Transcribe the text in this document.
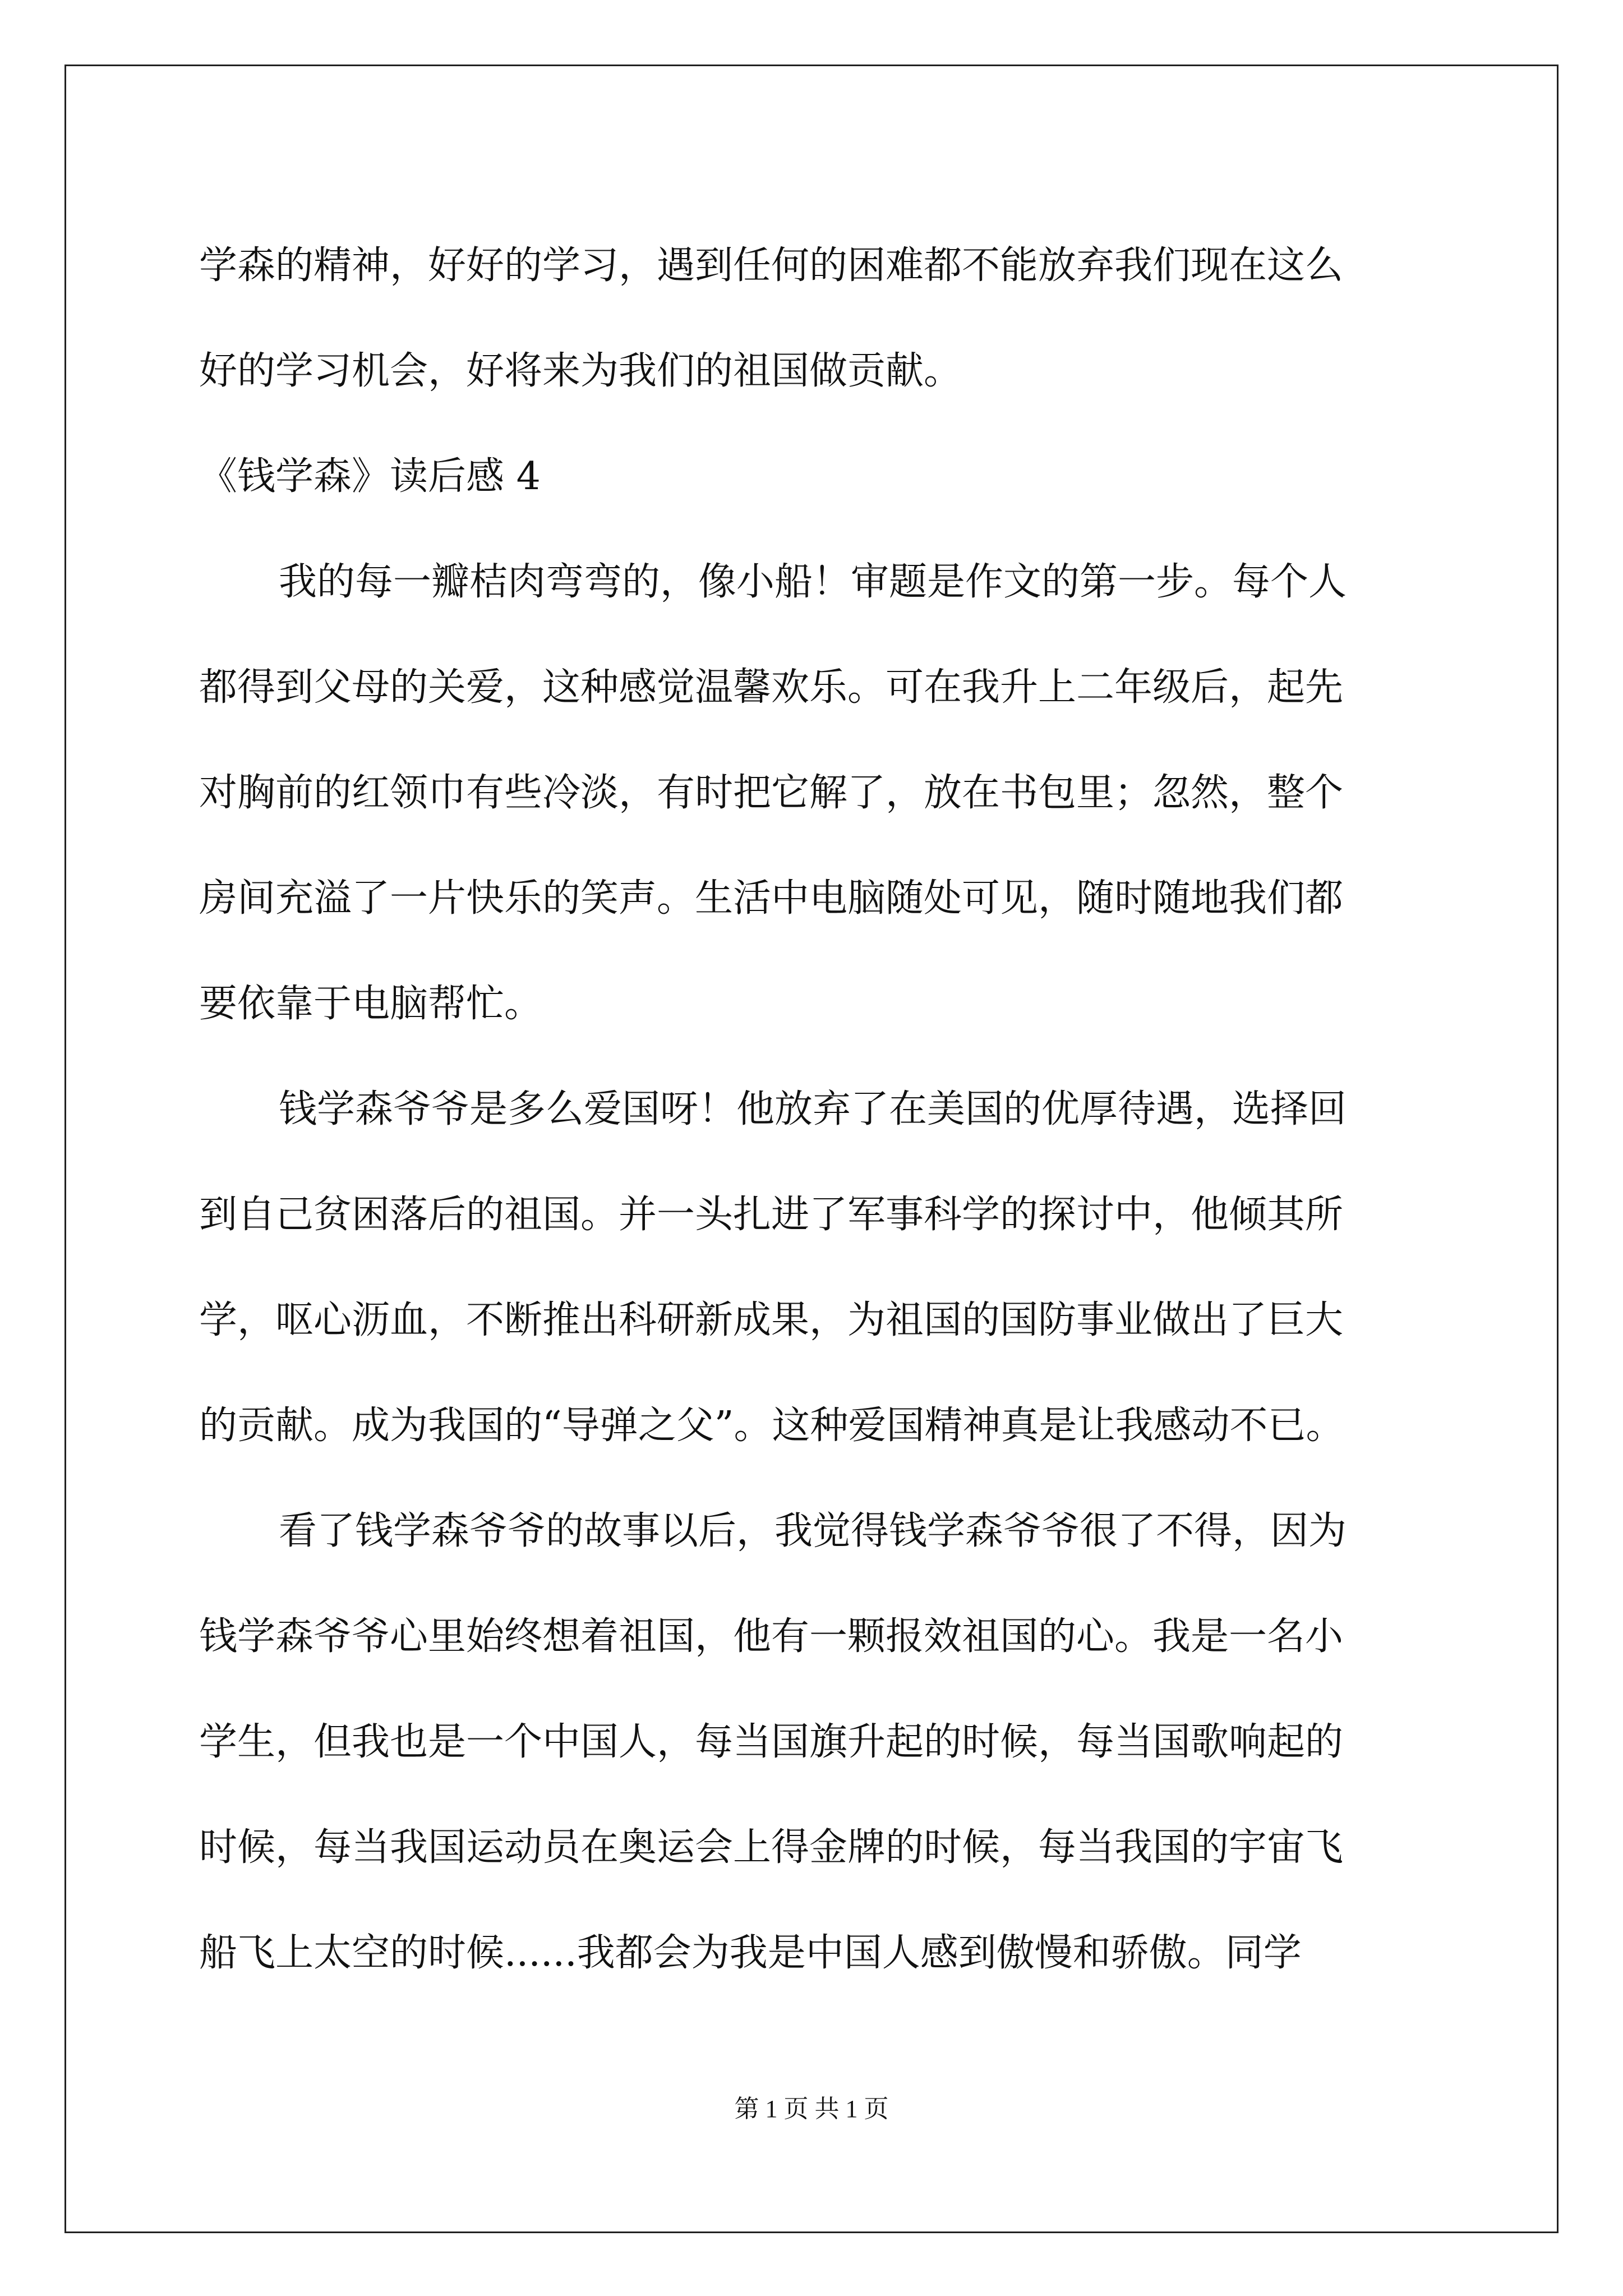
学森的精神，好好的学习，遇到任何的困难都不能放弃我们现在这么
好的学习机会，好将来为我们的祖国做贡献。
《钱学森》读后感 4
我的每一瓣桔肉弯弯的，像小船！审题是作文的第一步。每个人
都得到父母的关爱，这种感觉温馨欢乐。可在我升上二年级后，起先
对胸前的红领巾有些冷淡，有时把它解了，放在书包里；忽然，整个
房间充溢了一片快乐的笑声。生活中电脑随处可见，随时随地我们都
要依靠于电脑帮忙。
钱学森爷爷是多么爱国呀！他放弃了在美国的优厚待遇，选择回
到自己贫困落后的祖国。并一头扎进了军事科学的探讨中，他倾其所
学，呕心沥血，不断推出科研新成果，为祖国的国防事业做出了巨大
的贡献。成为我国的“导弹之父”。这种爱国精神真是让我感动不已。
看了钱学森爷爷的故事以后，我觉得钱学森爷爷很了不得，因为
钱学森爷爷心里始终想着祖国，他有一颗报效祖国的心。我是一名小
学生，但我也是一个中国人，每当国旗升起的时候，每当国歌响起的
时候，每当我国运动员在奥运会上得金牌的时候，每当我国的宇宙飞
船飞上太空的时候......我都会为我是中国人感到傲慢和骄傲。同学
第 1 页 共 1 页
